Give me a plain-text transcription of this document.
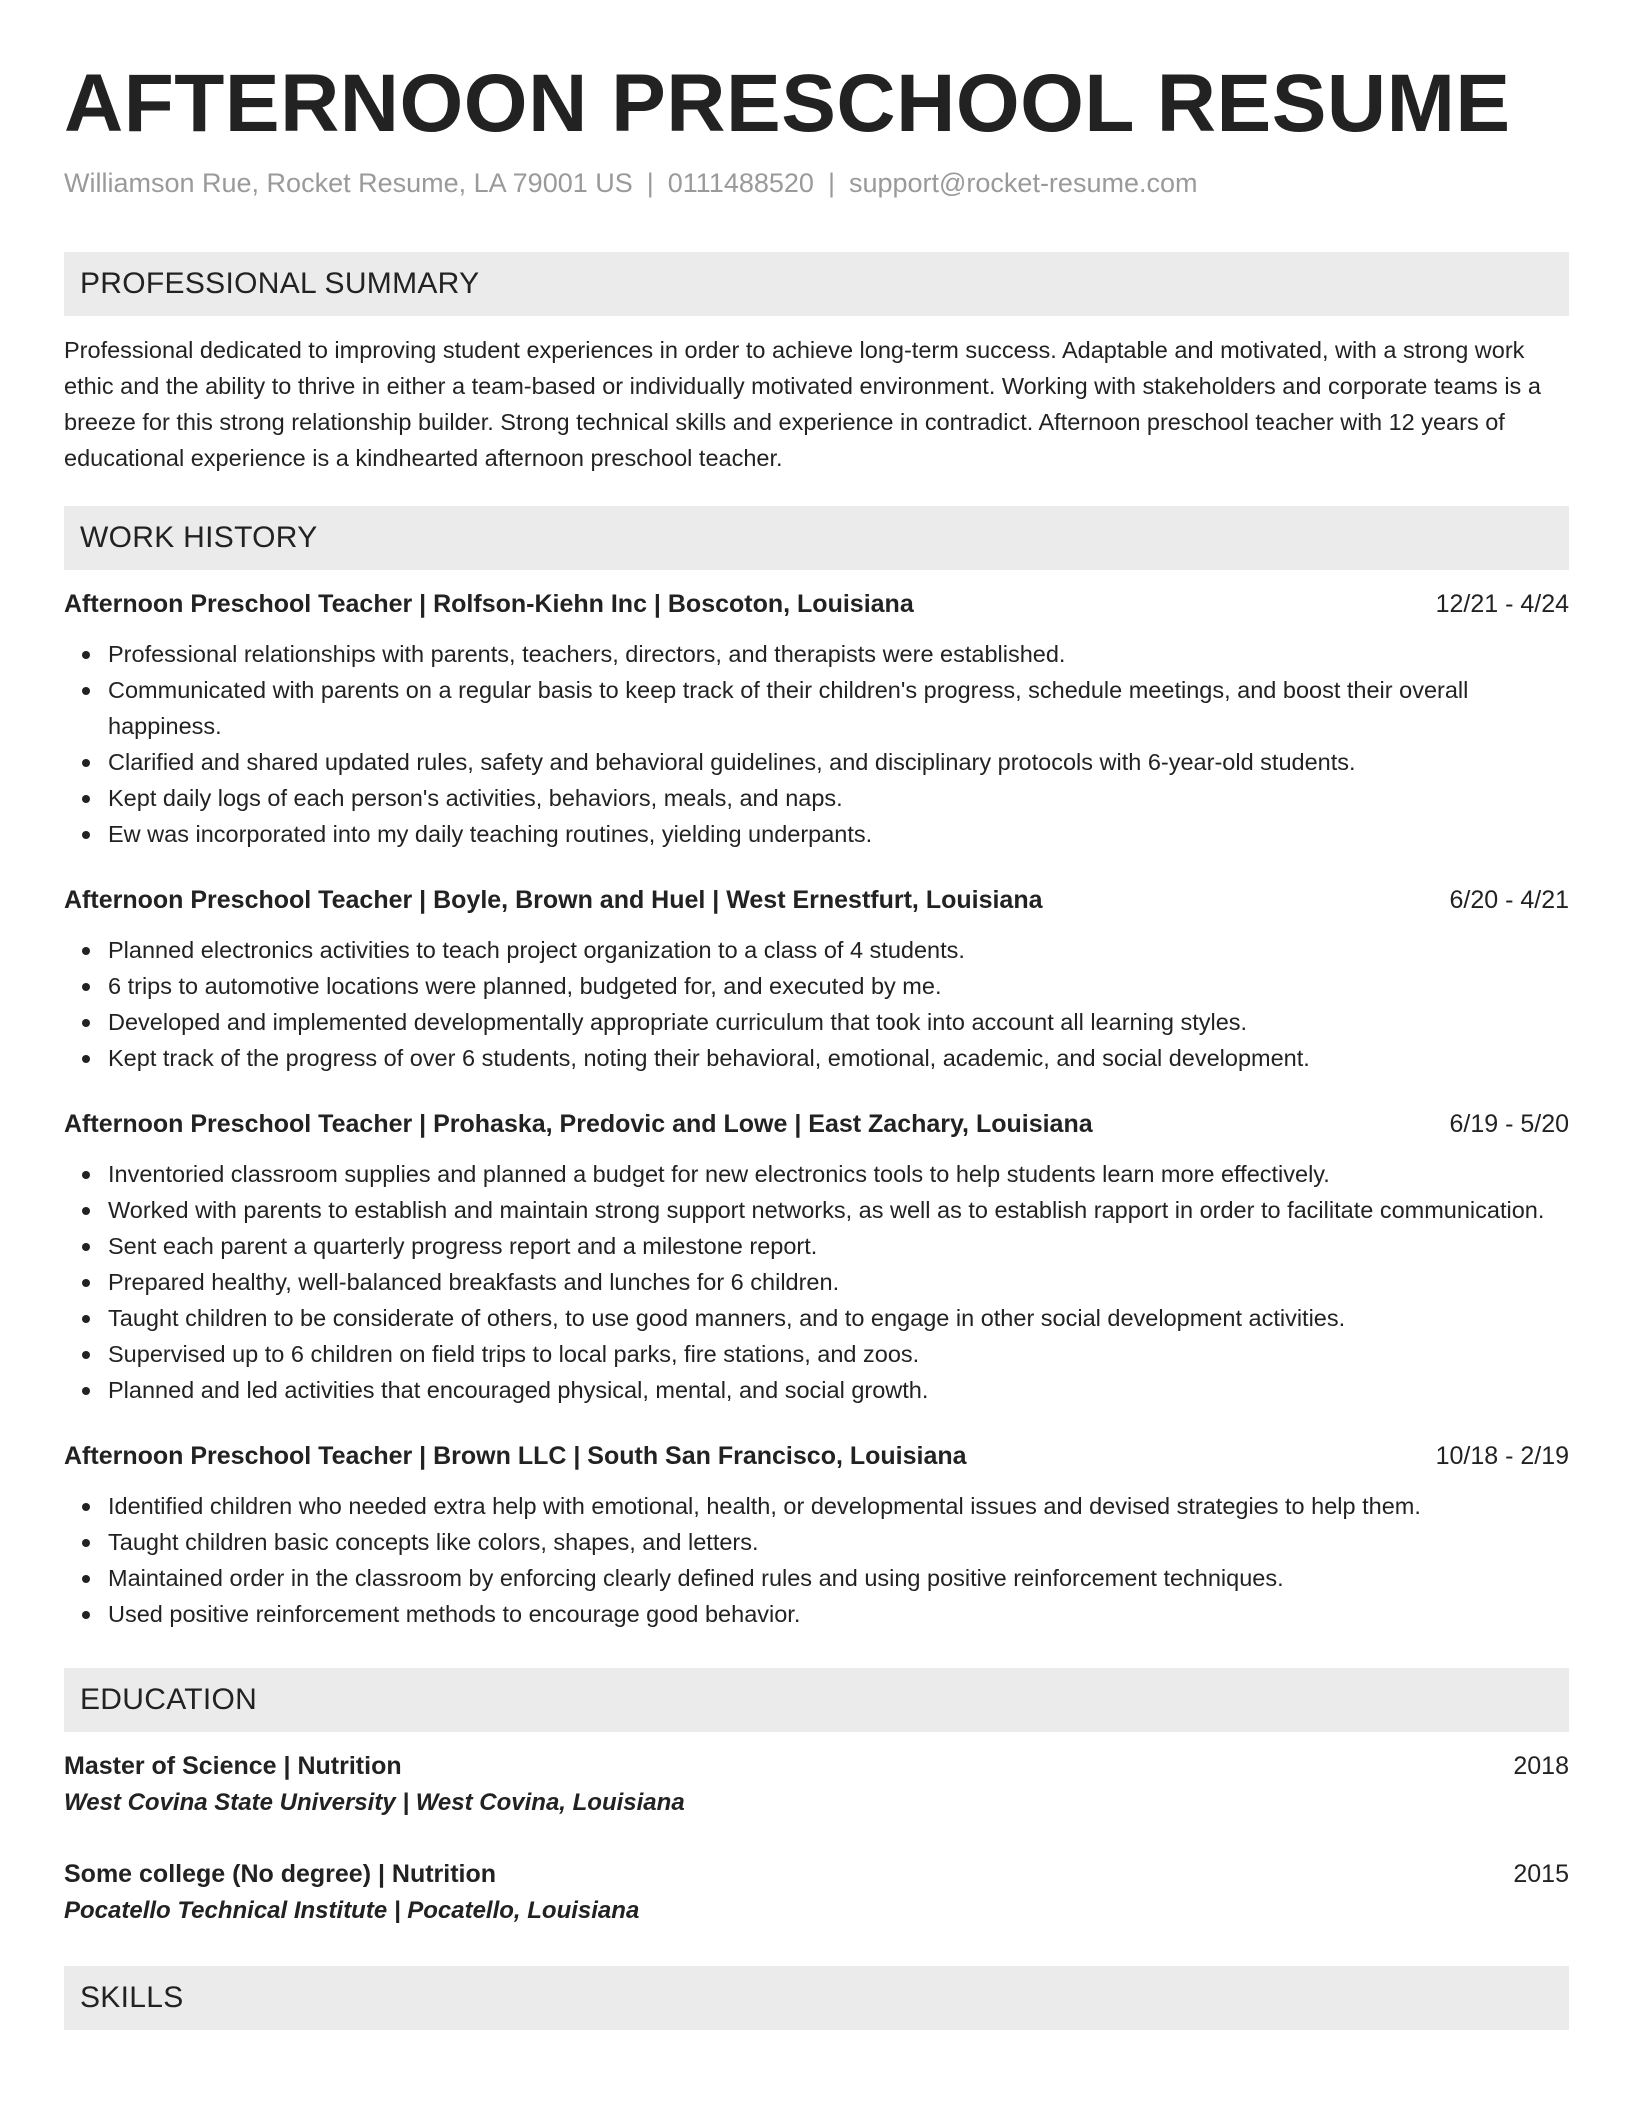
AFTERNOON PRESCHOOL RESUME
Williamson Rue, Rocket Resume, LA 79001 US | 0111488520 | support@rocket-resume.com
PROFESSIONAL SUMMARY

Professional dedicated to improving student experiences in order to achieve long-term success. Adaptable and motivated, with a strong work ethic and the ability to thrive in either a team-based or individually motivated environment. Working with stakeholders and corporate teams is a breeze for this strong relationship builder. Strong technical skills and experience in contradict. Afternoon preschool teacher with 12 years of educational experience is a kindhearted afternoon preschool teacher.

WORK HISTORY
Afternoon Preschool Teacher | Rolfson-Kiehn Inc | Boscoton, Louisiana	12/21 - 4/24
Professional relationships with parents, teachers, directors, and therapists were established.
Communicated with parents on a regular basis to keep track of their children's progress, schedule meetings, and boost their overall happiness.
Clarified and shared updated rules, safety and behavioral guidelines, and disciplinary protocols with 6-year-old students.
Kept daily logs of each person's activities, behaviors, meals, and naps.
Ew was incorporated into my daily teaching routines, yielding underpants.
Afternoon Preschool Teacher | Boyle, Brown and Huel | West Ernestfurt, Louisiana	6/20 - 4/21
Planned electronics activities to teach project organization to a class of 4 students.
6 trips to automotive locations were planned, budgeted for, and executed by me.
Developed and implemented developmentally appropriate curriculum that took into account all learning styles.
Kept track of the progress of over 6 students, noting their behavioral, emotional, academic, and social development.
Afternoon Preschool Teacher | Prohaska, Predovic and Lowe | East Zachary, Louisiana	6/19 - 5/20
Inventoried classroom supplies and planned a budget for new electronics tools to help students learn more effectively.
Worked with parents to establish and maintain strong support networks, as well as to establish rapport in order to facilitate communication.
Sent each parent a quarterly progress report and a milestone report.
Prepared healthy, well-balanced breakfasts and lunches for 6 children.
Taught children to be considerate of others, to use good manners, and to engage in other social development activities.
Supervised up to 6 children on field trips to local parks, fire stations, and zoos.
Planned and led activities that encouraged physical, mental, and social growth.
Afternoon Preschool Teacher | Brown LLC | South San Francisco, Louisiana	10/18 - 2/19
Identified children who needed extra help with emotional, health, or developmental issues and devised strategies to help them.
Taught children basic concepts like colors, shapes, and letters.
Maintained order in the classroom by enforcing clearly defined rules and using positive reinforcement techniques.
Used positive reinforcement methods to encourage good behavior.
EDUCATION
Master of Science | Nutrition	2018
West Covina State University | West Covina, Louisiana
Some college (No degree) | Nutrition	2015
Pocatello Technical Institute | Pocatello, Louisiana
SKILLS
